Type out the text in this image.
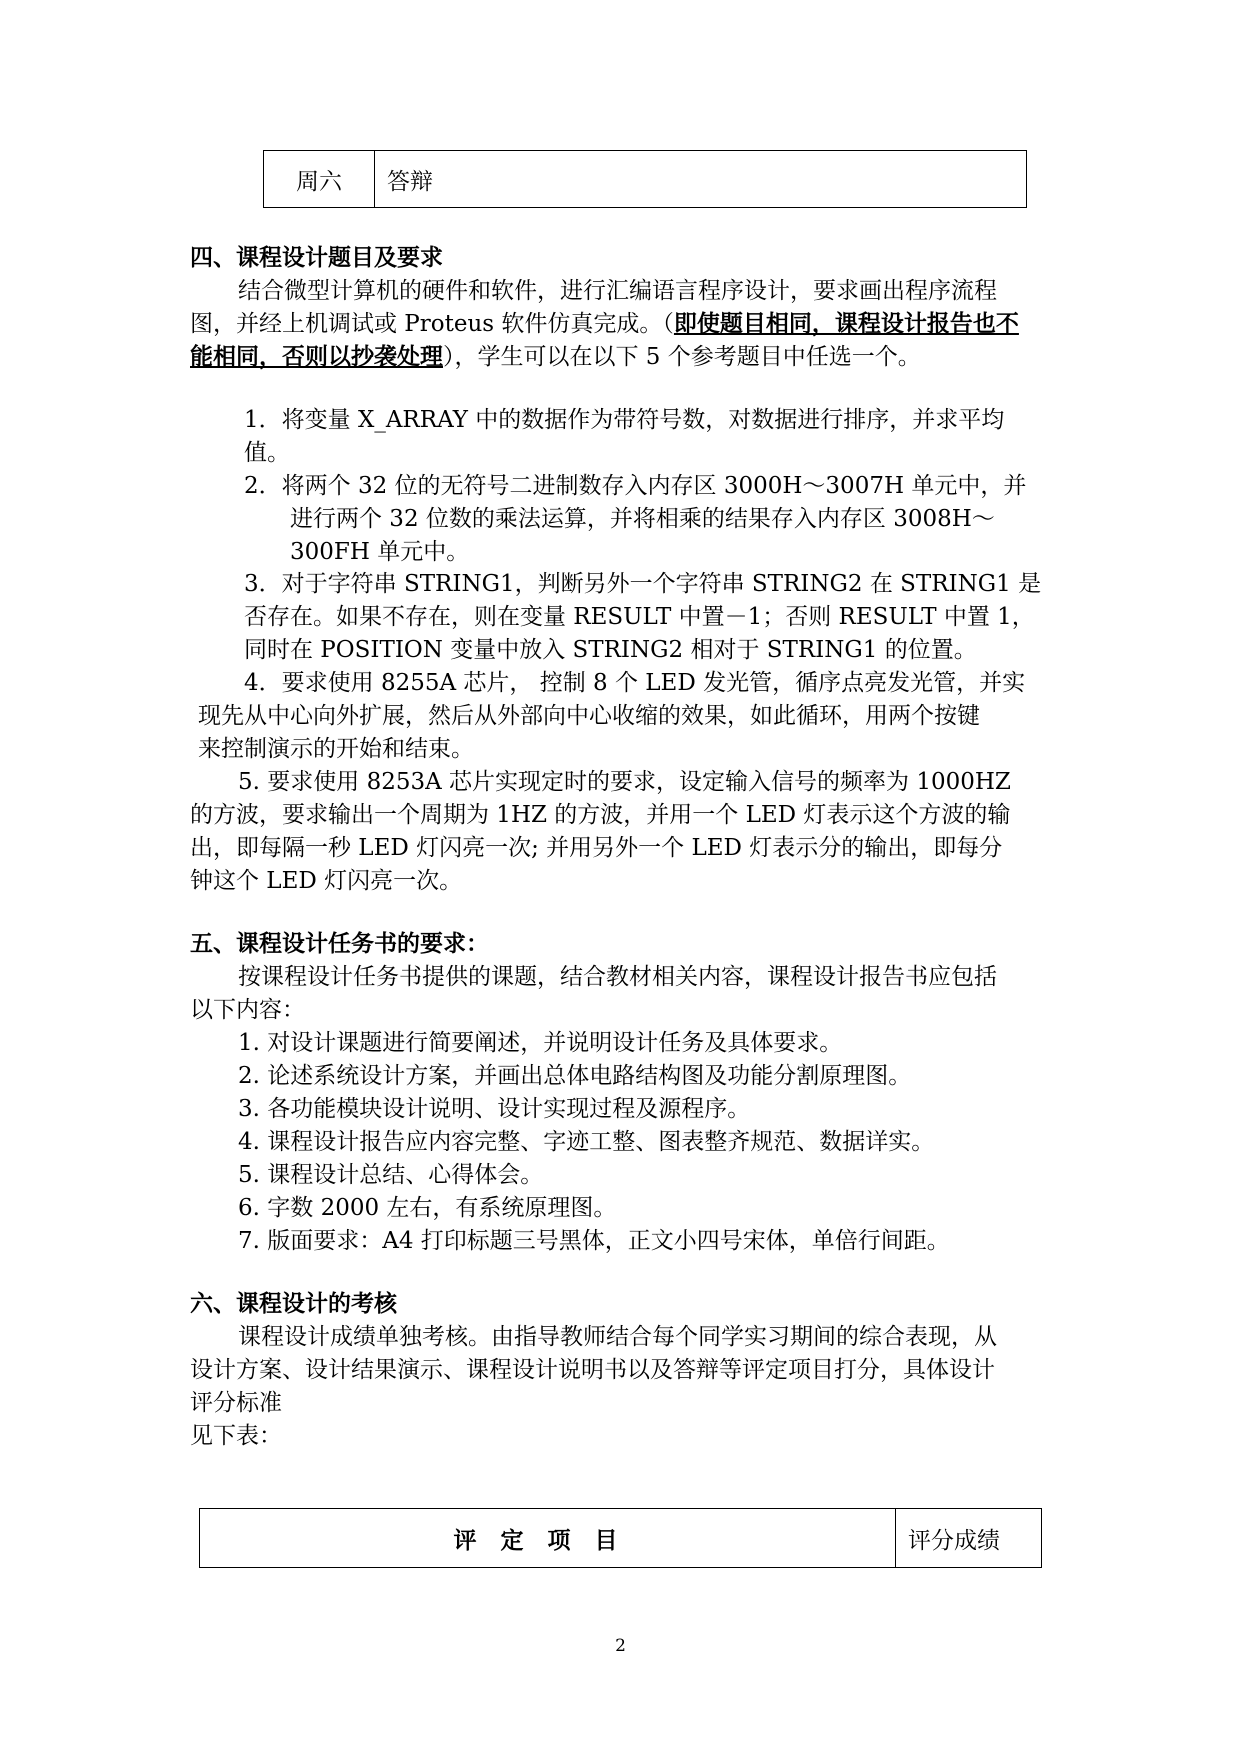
周六	答辩
四、课程设计题目及要求
结合微型计算机的硬件和软件，进行汇编语言程序设计，要求画出程序流程
图，并经上机调试或 Proteus 软件仿真完成。（即使题目相同，课程设计报告也不
能相同，否则以抄袭处理），学生可以在以下 5 个参考题目中任选一个。
1．将变量 X_ARRAY 中的数据作为带符号数，对数据进行排序，并求平均
值。
2．将两个 32 位的无符号二进制数存入内存区 3000H～3007H 单元中，并
进行两个 32 位数的乘法运算，并将相乘的结果存入内存区 3008H～
300FH 单元中。
3．对于字符串 STRING1，判断另外一个字符串 STRING2 在 STRING1 是
否存在。如果不存在，则在变量 RESULT 中置－1；否则 RESULT 中置 1，
同时在 POSITION 变量中放入 STRING2 相对于 STRING1 的位置。
4．要求使用 8255A 芯片， 控制 8 个 LED 发光管，循序点亮发光管，并实
现先从中心向外扩展，然后从外部向中心收缩的效果，如此循环，用两个按键
来控制演示的开始和结束。
5. 要求使用 8253A 芯片实现定时的要求，设定输入信号的频率为 1000HZ
的方波，要求输出一个周期为 1HZ 的方波，并用一个 LED 灯表示这个方波的输
出，即每隔一秒 LED 灯闪亮一次; 并用另外一个 LED 灯表示分的输出，即每分
钟这个 LED 灯闪亮一次。
五、课程设计任务书的要求：
按课程设计任务书提供的课题，结合教材相关内容，课程设计报告书应包括
以下内容：
1. 对设计课题进行简要阐述，并说明设计任务及具体要求。
2. 论述系统设计方案，并画出总体电路结构图及功能分割原理图。
3. 各功能模块设计说明、设计实现过程及源程序。
4. 课程设计报告应内容完整、字迹工整、图表整齐规范、数据详实。
5. 课程设计总结、心得体会。
6. 字数 2000 左右，有系统原理图。
7. 版面要求：A4 打印标题三号黑体，正文小四号宋体，单倍行间距。
六、课程设计的考核
课程设计成绩单独考核。由指导教师结合每个同学实习期间的综合表现，从
设计方案、设计结果演示、课程设计说明书以及答辩等评定项目打分，具体设计
评分标准
见下表：
评定项目	评分成绩
2
